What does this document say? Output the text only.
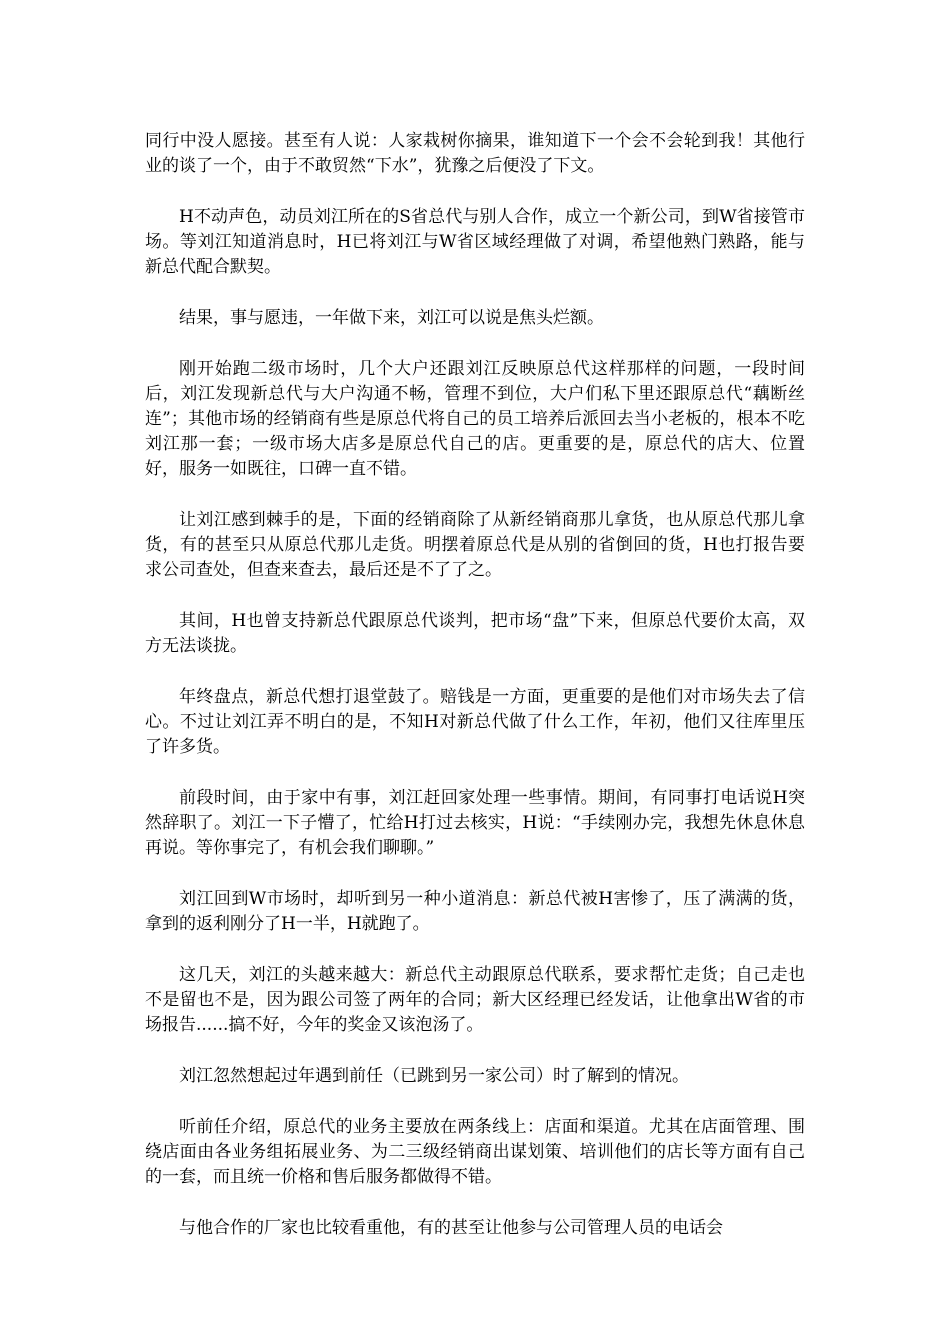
同行中没人愿接。甚至有人说：人家栽树你摘果，谁知道下一个会不会轮到我！其他行业的谈了一个，由于不敢贸然“下水”，犹豫之后便没了下文。

H不动声色，动员刘江所在的S省总代与别人合作，成立一个新公司，到W省接管市场。等刘江知道消息时，H已将刘江与W省区域经理做了对调，希望他熟门熟路，能与新总代配合默契。

结果，事与愿违，一年做下来，刘江可以说是焦头烂额。

刚开始跑二级市场时，几个大户还跟刘江反映原总代这样那样的问题，一段时间后，刘江发现新总代与大户沟通不畅，管理不到位，大户们私下里还跟原总代“藕断丝连”；其他市场的经销商有些是原总代将自己的员工培养后派回去当小老板的，根本不吃刘江那一套；一级市场大店多是原总代自己的店。更重要的是，原总代的店大、位置好，服务一如既往，口碑一直不错。

让刘江感到棘手的是，下面的经销商除了从新经销商那儿拿货，也从原总代那儿拿货，有的甚至只从原总代那儿走货。明摆着原总代是从别的省倒回的货，H也打报告要求公司查处，但查来查去，最后还是不了了之。

其间，H也曾支持新总代跟原总代谈判，把市场“盘”下来，但原总代要价太高，双方无法谈拢。

年终盘点，新总代想打退堂鼓了。赔钱是一方面，更重要的是他们对市场失去了信心。不过让刘江弄不明白的是，不知H对新总代做了什么工作，年初，他们又往库里压了许多货。

前段时间，由于家中有事，刘江赶回家处理一些事情。期间，有同事打电话说H突然辞职了。刘江一下子懵了，忙给H打过去核实，H说：“手续刚办完，我想先休息休息再说。等你事完了，有机会我们聊聊。”

刘江回到W市场时，却听到另一种小道消息：新总代被H害惨了，压了满满的货，拿到的返利刚分了H一半，H就跑了。

这几天，刘江的头越来越大：新总代主动跟原总代联系，要求帮忙走货；自己走也不是留也不是，因为跟公司签了两年的合同；新大区经理已经发话，让他拿出W省的市场报告......搞不好，今年的奖金又该泡汤了。

刘江忽然想起过年遇到前任（已跳到另一家公司）时了解到的情况。

听前任介绍，原总代的业务主要放在两条线上：店面和渠道。尤其在店面管理、围绕店面由各业务组拓展业务、为二三级经销商出谋划策、培训他们的店长等方面有自己的一套，而且统一价格和售后服务都做得不错。

与他合作的厂家也比较看重他，有的甚至让他参与公司管理人员的电话会
